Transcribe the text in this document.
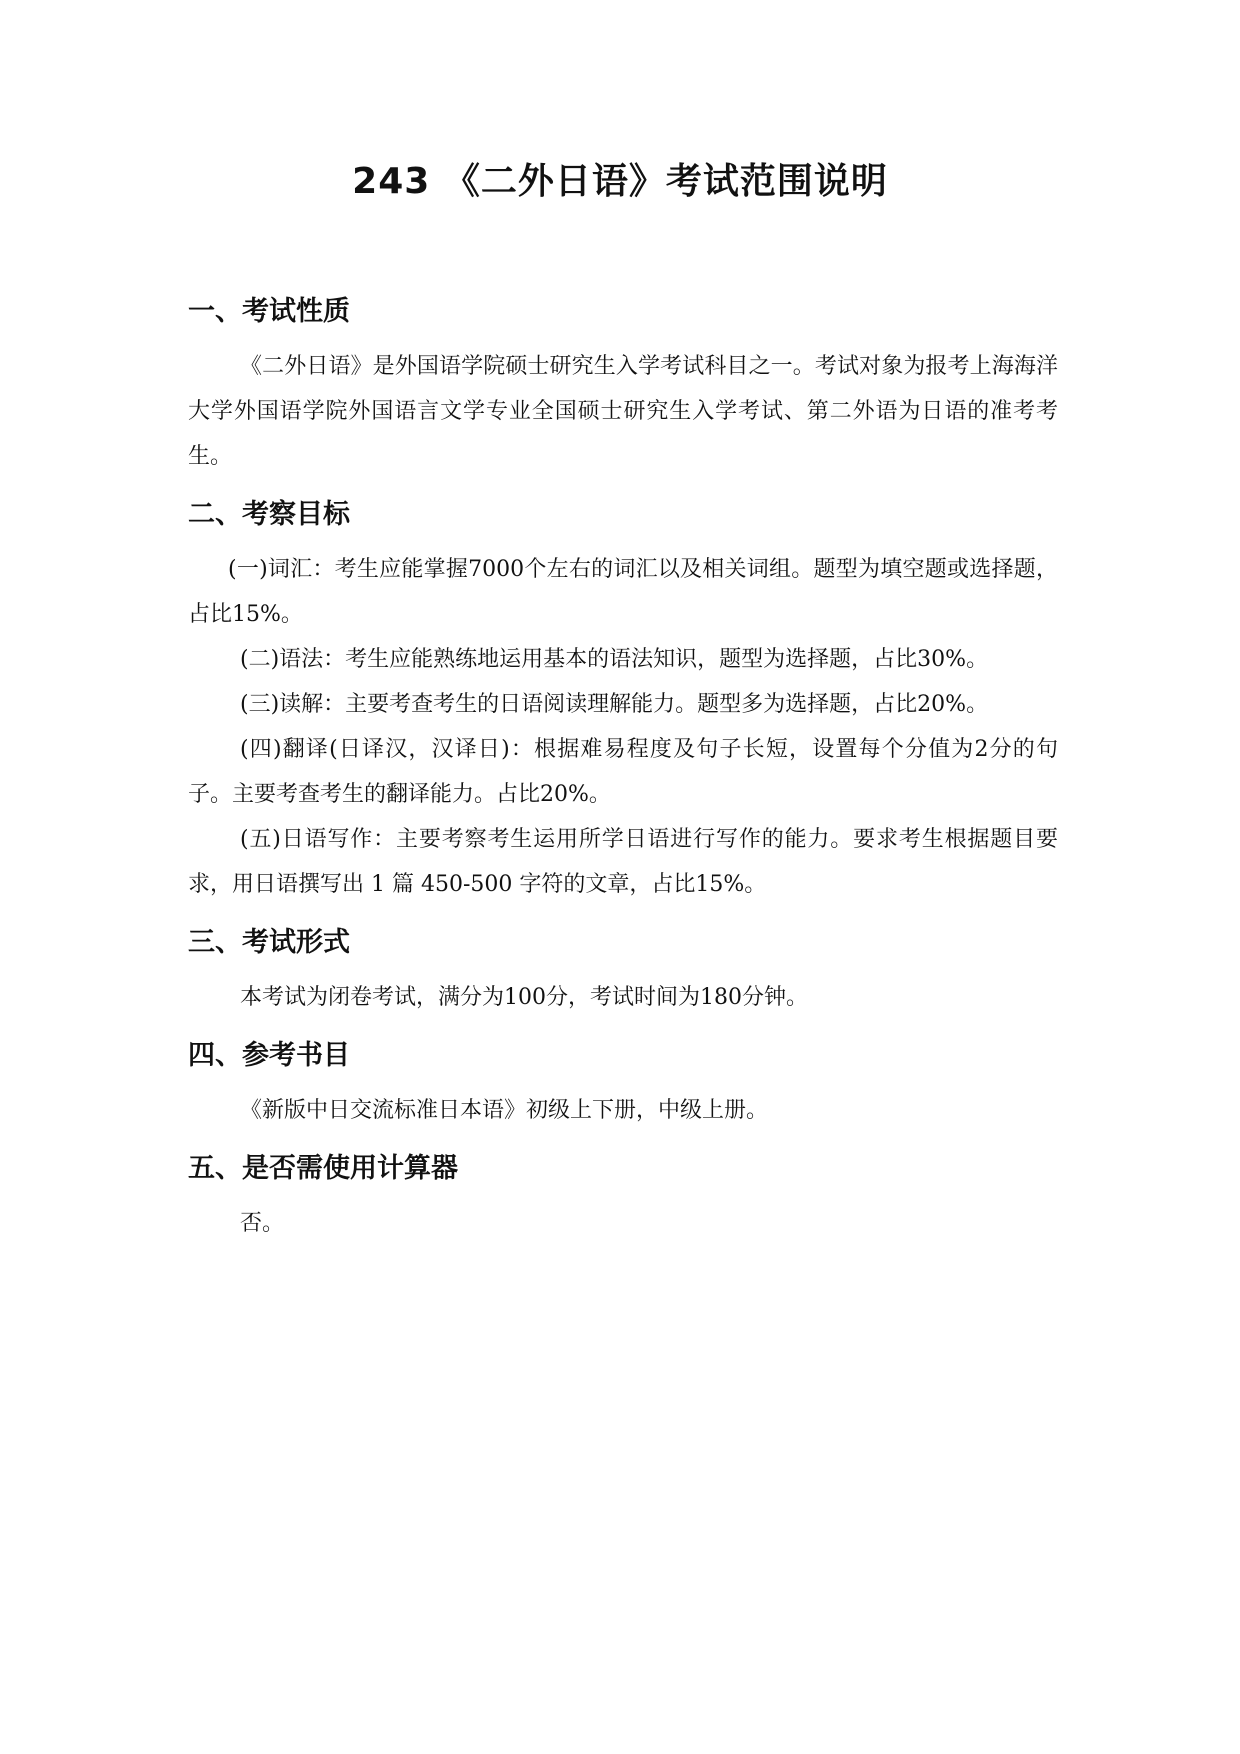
243 《二外日语》考试范围说明
一、考试性质

《二外日语》是外国语学院硕士研究生入学考试科目之一。考试对象为报考上海海洋大学外国语学院外国语言文学专业全国硕士研究生入学考试、第二外语为日语的准考考生。

二、考察目标

(一)词汇：考生应能掌握7000个左右的词汇以及相关词组。题型为填空题或选择题，占比15%。

(二)语法：考生应能熟练地运用基本的语法知识，题型为选择题，占比30%。

(三)读解：主要考查考生的日语阅读理解能力。题型多为选择题，占比20%。

(四)翻译(日译汉，汉译日)：根据难易程度及句子长短，设置每个分值为2分的句子。主要考查考生的翻译能力。占比20%。

(五)日语写作：主要考察考生运用所学日语进行写作的能力。要求考生根据题目要求，用日语撰写出 1 篇 450-500 字符的文章，占比15%。

三、考试形式

本考试为闭卷考试，满分为100分，考试时间为180分钟。

四、参考书目

《新版中日交流标准日本语》初级上下册，中级上册。

五、是否需使用计算器

否。
